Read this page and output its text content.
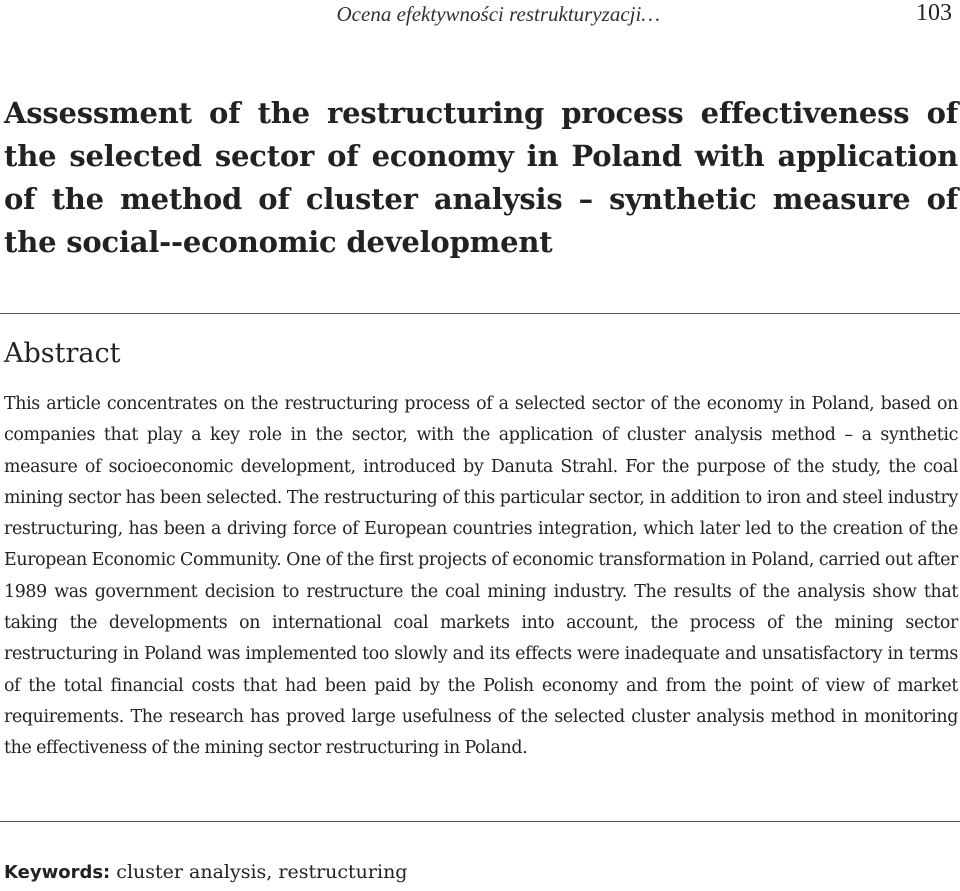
Ocena efektywności restrukturyzacji…	103
Assessment of the restructuring process effectiveness of the selected sector of economy in Poland with application of the method of cluster analysis – synthetic measure of the social--economic development
Abstract

This article concentrates on the restructuring process of a selected sector of the economy in Poland, based on companies that play a key role in the sector, with the application of cluster analysis method – a synthetic measure of socioeconomic development, introduced by Danuta Strahl. For the purpose of the study, the coal mining sector has been selected. The restructuring of this particular sector, in addition to iron and steel industry restructuring, has been a driving force of European countries integration, which later led to the creation of the European Economic Community. One of the first projects of economic transformation in Poland, carried out after 1989 was government decision to restructure the coal mining industry. The results of the analysis show that taking the developments on international coal markets into account, the process of the mining sector restructuring in Poland was implemented too slowly and its effects were inadequate and unsatisfactory in terms of the total financial costs that had been paid by the Polish economy and from the point of view of market requirements. The research has proved large usefulness of the selected cluster analysis method in monitoring the effectiveness of the mining sector restructuring in Poland.

Keywords: cluster analysis, restructuring
